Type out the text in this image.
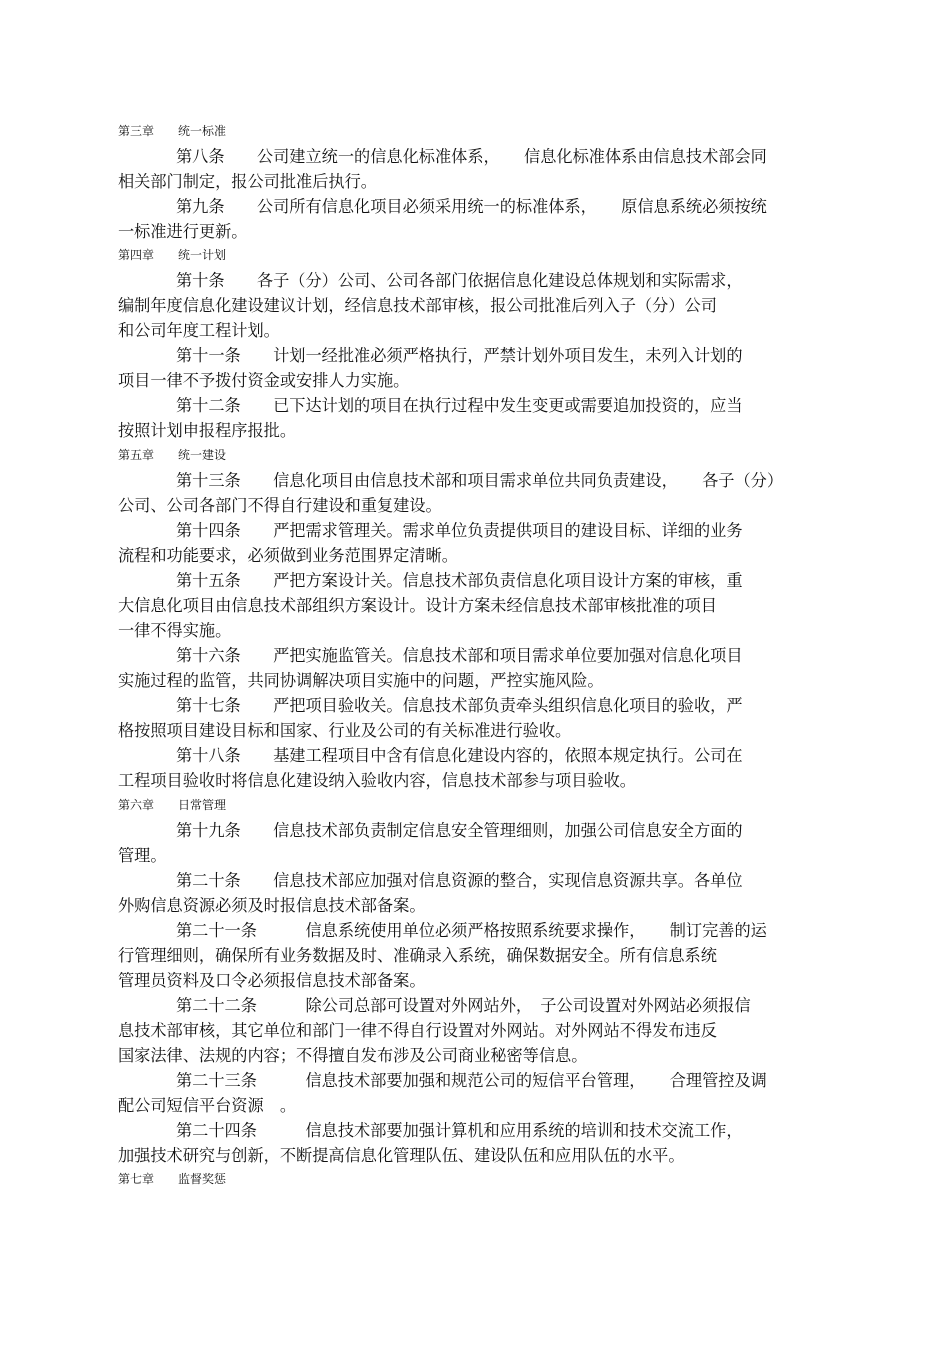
第三章　　统一标准
第八条　　公司建立统一的信息化标准体系，　　信息化标准体系由信息技术部会同
相关部门制定，报公司批准后执行。
第九条　　公司所有信息化项目必须采用统一的标准体系，　　原信息系统必须按统
一标准进行更新。
第四章　　统一计划
第十条　　各子（分）公司、公司各部门依据信息化建设总体规划和实际需求，
编制年度信息化建设建议计划，经信息技术部审核，报公司批准后列入子（分）公司
和公司年度工程计划。
第十一条　　计划一经批准必须严格执行，严禁计划外项目发生，未列入计划的
项目一律不予拨付资金或安排人力实施。
第十二条　　已下达计划的项目在执行过程中发生变更或需要追加投资的，应当
按照计划申报程序报批。
第五章　　统一建设
第十三条　　信息化项目由信息技术部和项目需求单位共同负责建设，　　各子（分）
公司、公司各部门不得自行建设和重复建设。
第十四条　　严把需求管理关。需求单位负责提供项目的建设目标、详细的业务
流程和功能要求，必须做到业务范围界定清晰。
第十五条　　严把方案设计关。信息技术部负责信息化项目设计方案的审核，重
大信息化项目由信息技术部组织方案设计。设计方案未经信息技术部审核批准的项目
一律不得实施。
第十六条　　严把实施监管关。信息技术部和项目需求单位要加强对信息化项目
实施过程的监管，共同协调解决项目实施中的问题，严控实施风险。
第十七条　　严把项目验收关。信息技术部负责牵头组织信息化项目的验收，严
格按照项目建设目标和国家、行业及公司的有关标准进行验收。
第十八条　　基建工程项目中含有信息化建设内容的，依照本规定执行。公司在
工程项目验收时将信息化建设纳入验收内容，信息技术部参与项目验收。
第六章　　日常管理
第十九条　　信息技术部负责制定信息安全管理细则，加强公司信息安全方面的
管理。
第二十条　　信息技术部应加强对信息资源的整合，实现信息资源共享。各单位
外购信息资源必须及时报信息技术部备案。
第二十一条　　　信息系统使用单位必须严格按照系统要求操作，　　制订完善的运
行管理细则，确保所有业务数据及时、准确录入系统，确保数据安全。所有信息系统
管理员资料及口令必须报信息技术部备案。
第二十二条　　　除公司总部可设置对外网站外，　子公司设置对外网站必须报信
息技术部审核，其它单位和部门一律不得自行设置对外网站。对外网站不得发布违反
国家法律、法规的内容；不得擅自发布涉及公司商业秘密等信息。
第二十三条　　　信息技术部要加强和规范公司的短信平台管理，　　合理管控及调
配公司短信平台资源　。
第二十四条　　　信息技术部要加强计算机和应用系统的培训和技术交流工作，
加强技术研究与创新，不断提高信息化管理队伍、建设队伍和应用队伍的水平。
第七章　　监督奖惩
